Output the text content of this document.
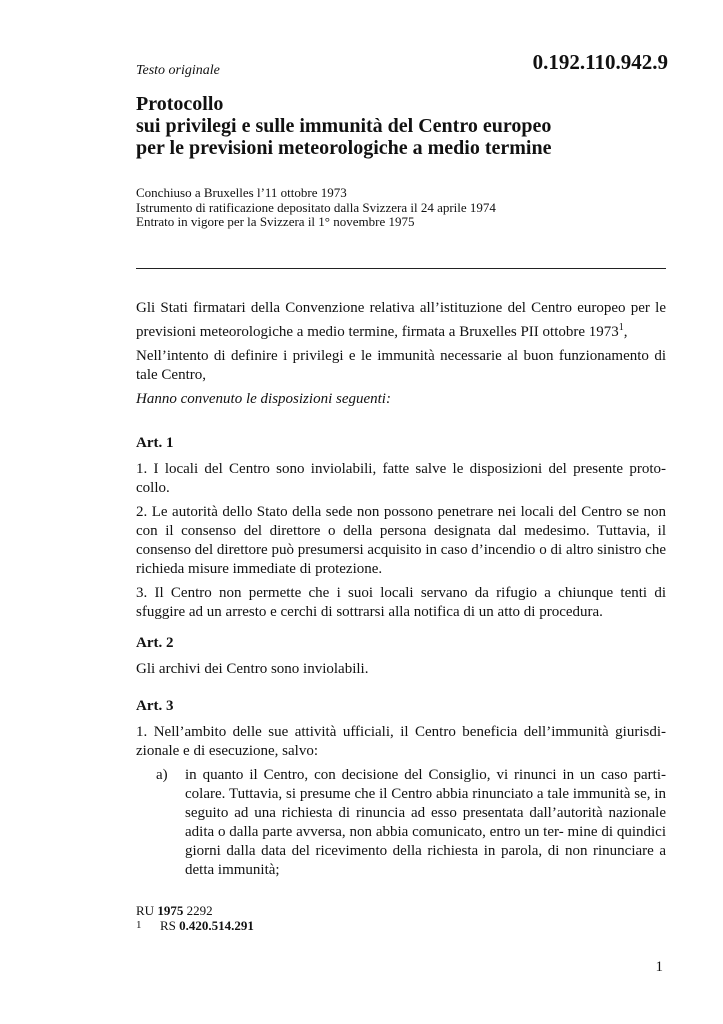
Testo originale	0.192.110.942.9
Protocollo
sui privilegi e sulle immunità del Centro europeo
per le previsioni meteorologiche a medio termine
Conchiuso a Bruxelles l’11 ottobre 1973
Istrumento di ratificazione depositato dalla Svizzera il 24 aprile 1974
Entrato in vigore per la Svizzera il 1° novembre 1975

Gli Stati firmatari della Convenzione relativa all’istituzione del Centro europeo per le previsioni meteorologiche a medio termine, firmata a Bruxelles PII ottobre 1973$^1$,

Nell’intento di definire i privilegi e le immunità necessarie al buon funzionamento di tale Centro,

Hanno convenuto le disposizioni seguenti:

Art. 1

1. I locali del Centro sono inviolabili, fatte salve le disposizioni del presente proto- collo.

2. Le autorità dello Stato della sede non possono penetrare nei locali del Centro se non con il consenso del direttore o della persona designata dal medesimo. Tuttavia, il consenso del direttore può presumersi acquisito in caso d’incendio o di altro sinistro che richieda misure immediate di protezione.

3. Il Centro non permette che i suoi locali servano da rifugio a chiunque tenti di sfuggire ad un arresto e cerchi di sottrarsi alla notifica di un atto di procedura.

Art. 2

Gli archivi dei Centro sono inviolabili.

Art. 3

1. Nell’ambito delle sue attività ufficiali, il Centro beneficia dell’immunità giurisdi- zionale e di esecuzione, salvo:

a)	in quanto il Centro, con decisione del Consiglio, vi rinunci in un caso parti- colare. Tuttavia, si presume che il Centro abbia rinunciato a tale immunità se, in seguito ad una richiesta di rinuncia ad esso presentata dall’autorità nazionale adita o dalla parte avversa, non abbia comunicato, entro un ter- mine di quindici giorni dalla data del ricevimento della richiesta in parola, di non rinunciare a detta immunità;
RU 1975 2292
1 RS 0.420.514.291
1
